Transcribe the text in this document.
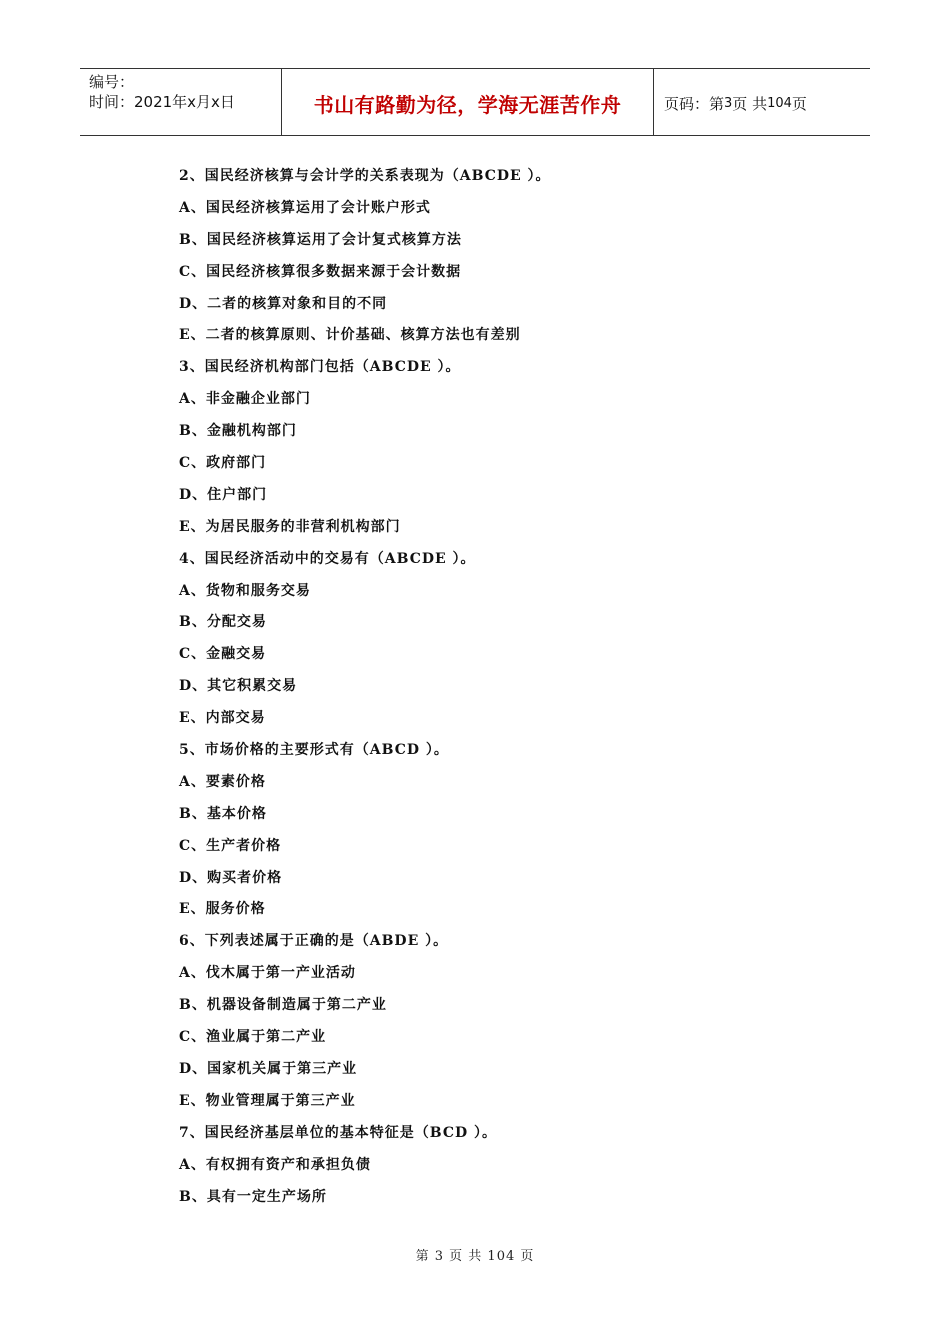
编号：
时间：2021年x月x日	书山有路勤为径，学海无涯苦作舟	页码：第 3 页 共 104 页
2、国民经济核算与会计学的关系表现为（ABCDE ）。
A、国民经济核算运用了会计账户形式
B、国民经济核算运用了会计复式核算方法
C、国民经济核算很多数据来源于会计数据
D、二者的核算对象和目的不同
E、二者的核算原则、计价基础、核算方法也有差别
3、国民经济机构部门包括（ABCDE ）。
A、非金融企业部门
B、金融机构部门
C、政府部门
D、住户部门
E、为居民服务的非营利机构部门
4、国民经济活动中的交易有（ABCDE ）。
A、货物和服务交易
B、分配交易
C、金融交易
D、其它积累交易
E、内部交易
5、市场价格的主要形式有（ABCD ）。
A、要素价格
B、基本价格
C、生产者价格
D、购买者价格
E、服务价格
6、下列表述属于正确的是（ABDE ）。
A、伐木属于第一产业活动
B、机器设备制造属于第二产业
C、渔业属于第二产业
D、国家机关属于第三产业
E、物业管理属于第三产业
7、国民经济基层单位的基本特征是（BCD ）。
A、有权拥有资产和承担负债
B、具有一定生产场所
第 3 页 共 104 页
